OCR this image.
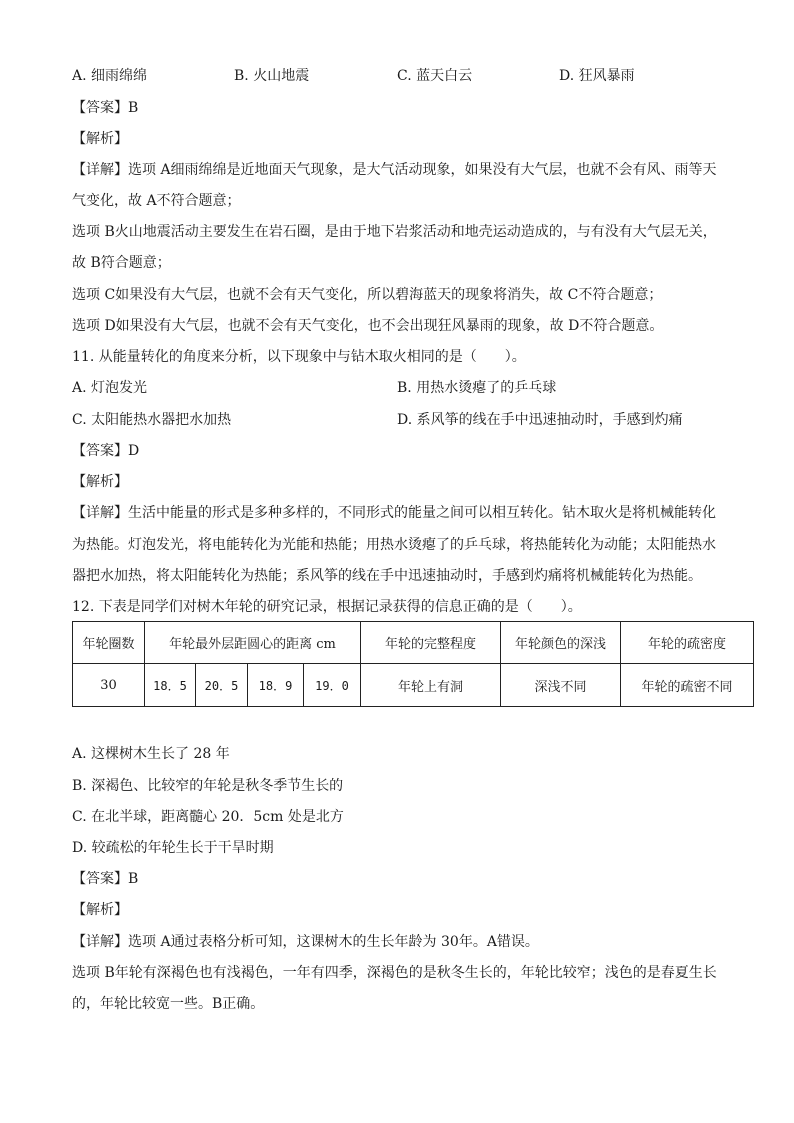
A. 细雨绵绵	B. 火山地震	C. 蓝天白云	D. 狂风暴雨
【答案】B
【解析】
【详解】选项 A细雨绵绵是近地面天气现象，是大气活动现象，如果没有大气层，也就不会有风、雨等天
气变化，故 A不符合题意；
选项 B火山地震活动主要发生在岩石圈，是由于地下岩浆活动和地壳运动造成的，与有没有大气层无关，
故 B符合题意；
选项 C如果没有大气层，也就不会有天气变化，所以碧海蓝天的现象将消失，故 C不符合题意；
选项 D如果没有大气层，也就不会有天气变化，也不会出现狂风暴雨的现象，故 D不符合题意。
11. 从能量转化的角度来分析，以下现象中与钻木取火相同的是（　　）。
A. 灯泡发光	B. 用热水烫瘪了的乒乓球
C. 太阳能热水器把水加热	D. 系风筝的线在手中迅速抽动时，手感到灼痛
【答案】D
【解析】
【详解】生活中能量的形式是多种多样的，不同形式的能量之间可以相互转化。钻木取火是将机械能转化
为热能。灯泡发光，将电能转化为光能和热能；用热水烫瘪了的乒乓球，将热能转化为动能；太阳能热水
器把水加热，将太阳能转化为热能；系风筝的线在手中迅速抽动时，手感到灼痛将机械能转化为热能。
12. 下表是同学们对树木年轮的研究记录，根据记录获得的信息正确的是（　　）。
年轮圈数	年轮最外层距圆心的距离 cm				年轮的完整程度	年轮颜色的深浅	年轮的疏密度
30	18．5	20．5	18．9	19．0	年轮上有洞	深浅不同	年轮的疏密不同
A. 这棵树木生长了 28 年
B. 深褐色、比较窄的年轮是秋冬季节生长的
C. 在北半球，距离髓心 20．5cm 处是北方
D. 较疏松的年轮生长于干旱时期
【答案】B
【解析】
【详解】选项 A通过表格分析可知，这课树木的生长年龄为 30年。A错误。
选项 B年轮有深褐色也有浅褐色，一年有四季，深褐色的是秋冬生长的，年轮比较窄；浅色的是春夏生长
的，年轮比较宽一些。B正确。
